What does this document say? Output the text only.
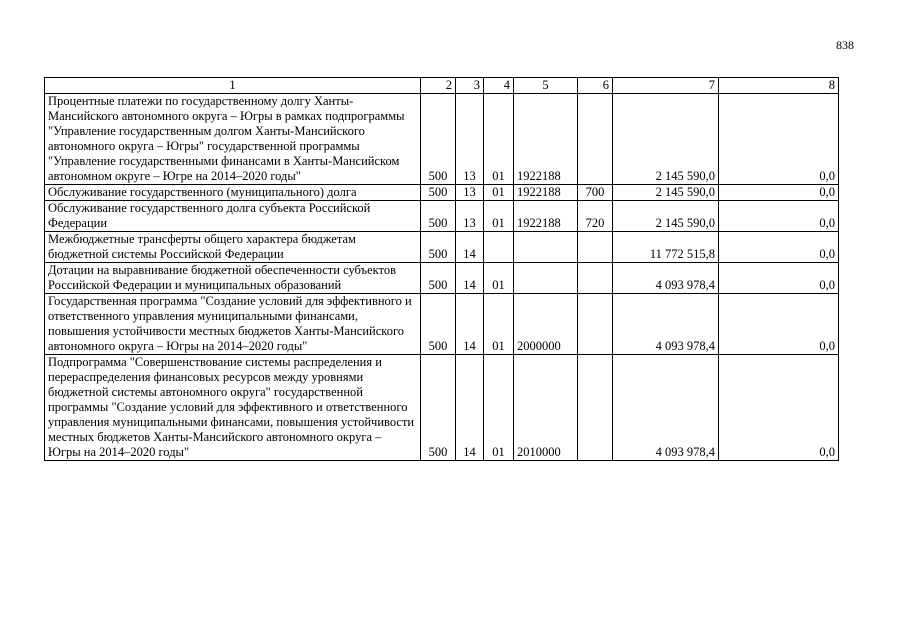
838
1	2	3	4	5	6	7	8
Процентные платежи по государственному долгу Ханты-Мансийского автономного округа – Югры в рамках подпрограммы "Управление государственным долгом Ханты-Мансийского автономного округа – Югры" государственной программы "Управление государственными финансами в Ханты-Мансийском автономном округе – Югре на 2014–2020 годы"	500	13	01	1922188		2 145 590,0	0,0
Обслуживание государственного (муниципального) долга	500	13	01	1922188	700	2 145 590,0	0,0
Обслуживание государственного долга субъекта Российской Федерации	500	13	01	1922188	720	2 145 590,0	0,0
Межбюджетные трансферты общего характера бюджетам бюджетной системы Российской Федерации	500	14				11 772 515,8	0,0
Дотации на выравнивание бюджетной обеспеченности субъектов Российской Федерации и муниципальных образований	500	14	01			4 093 978,4	0,0
Государственная программа "Создание условий для эффективного и ответственного управления муниципальными финансами, повышения устойчивости местных бюджетов Ханты-Мансийского автономного округа – Югры на 2014–2020 годы"	500	14	01	2000000		4 093 978,4	0,0
Подпрограмма "Совершенствование системы распределения и перераспределения финансовых ресурсов между уровнями бюджетной системы автономного округа" государственной программы "Создание условий для эффективного и ответственного управления муниципальными финансами, повышения устойчивости местных бюджетов Ханты-Мансийского автономного округа – Югры на 2014–2020 годы"	500	14	01	2010000		4 093 978,4	0,0
